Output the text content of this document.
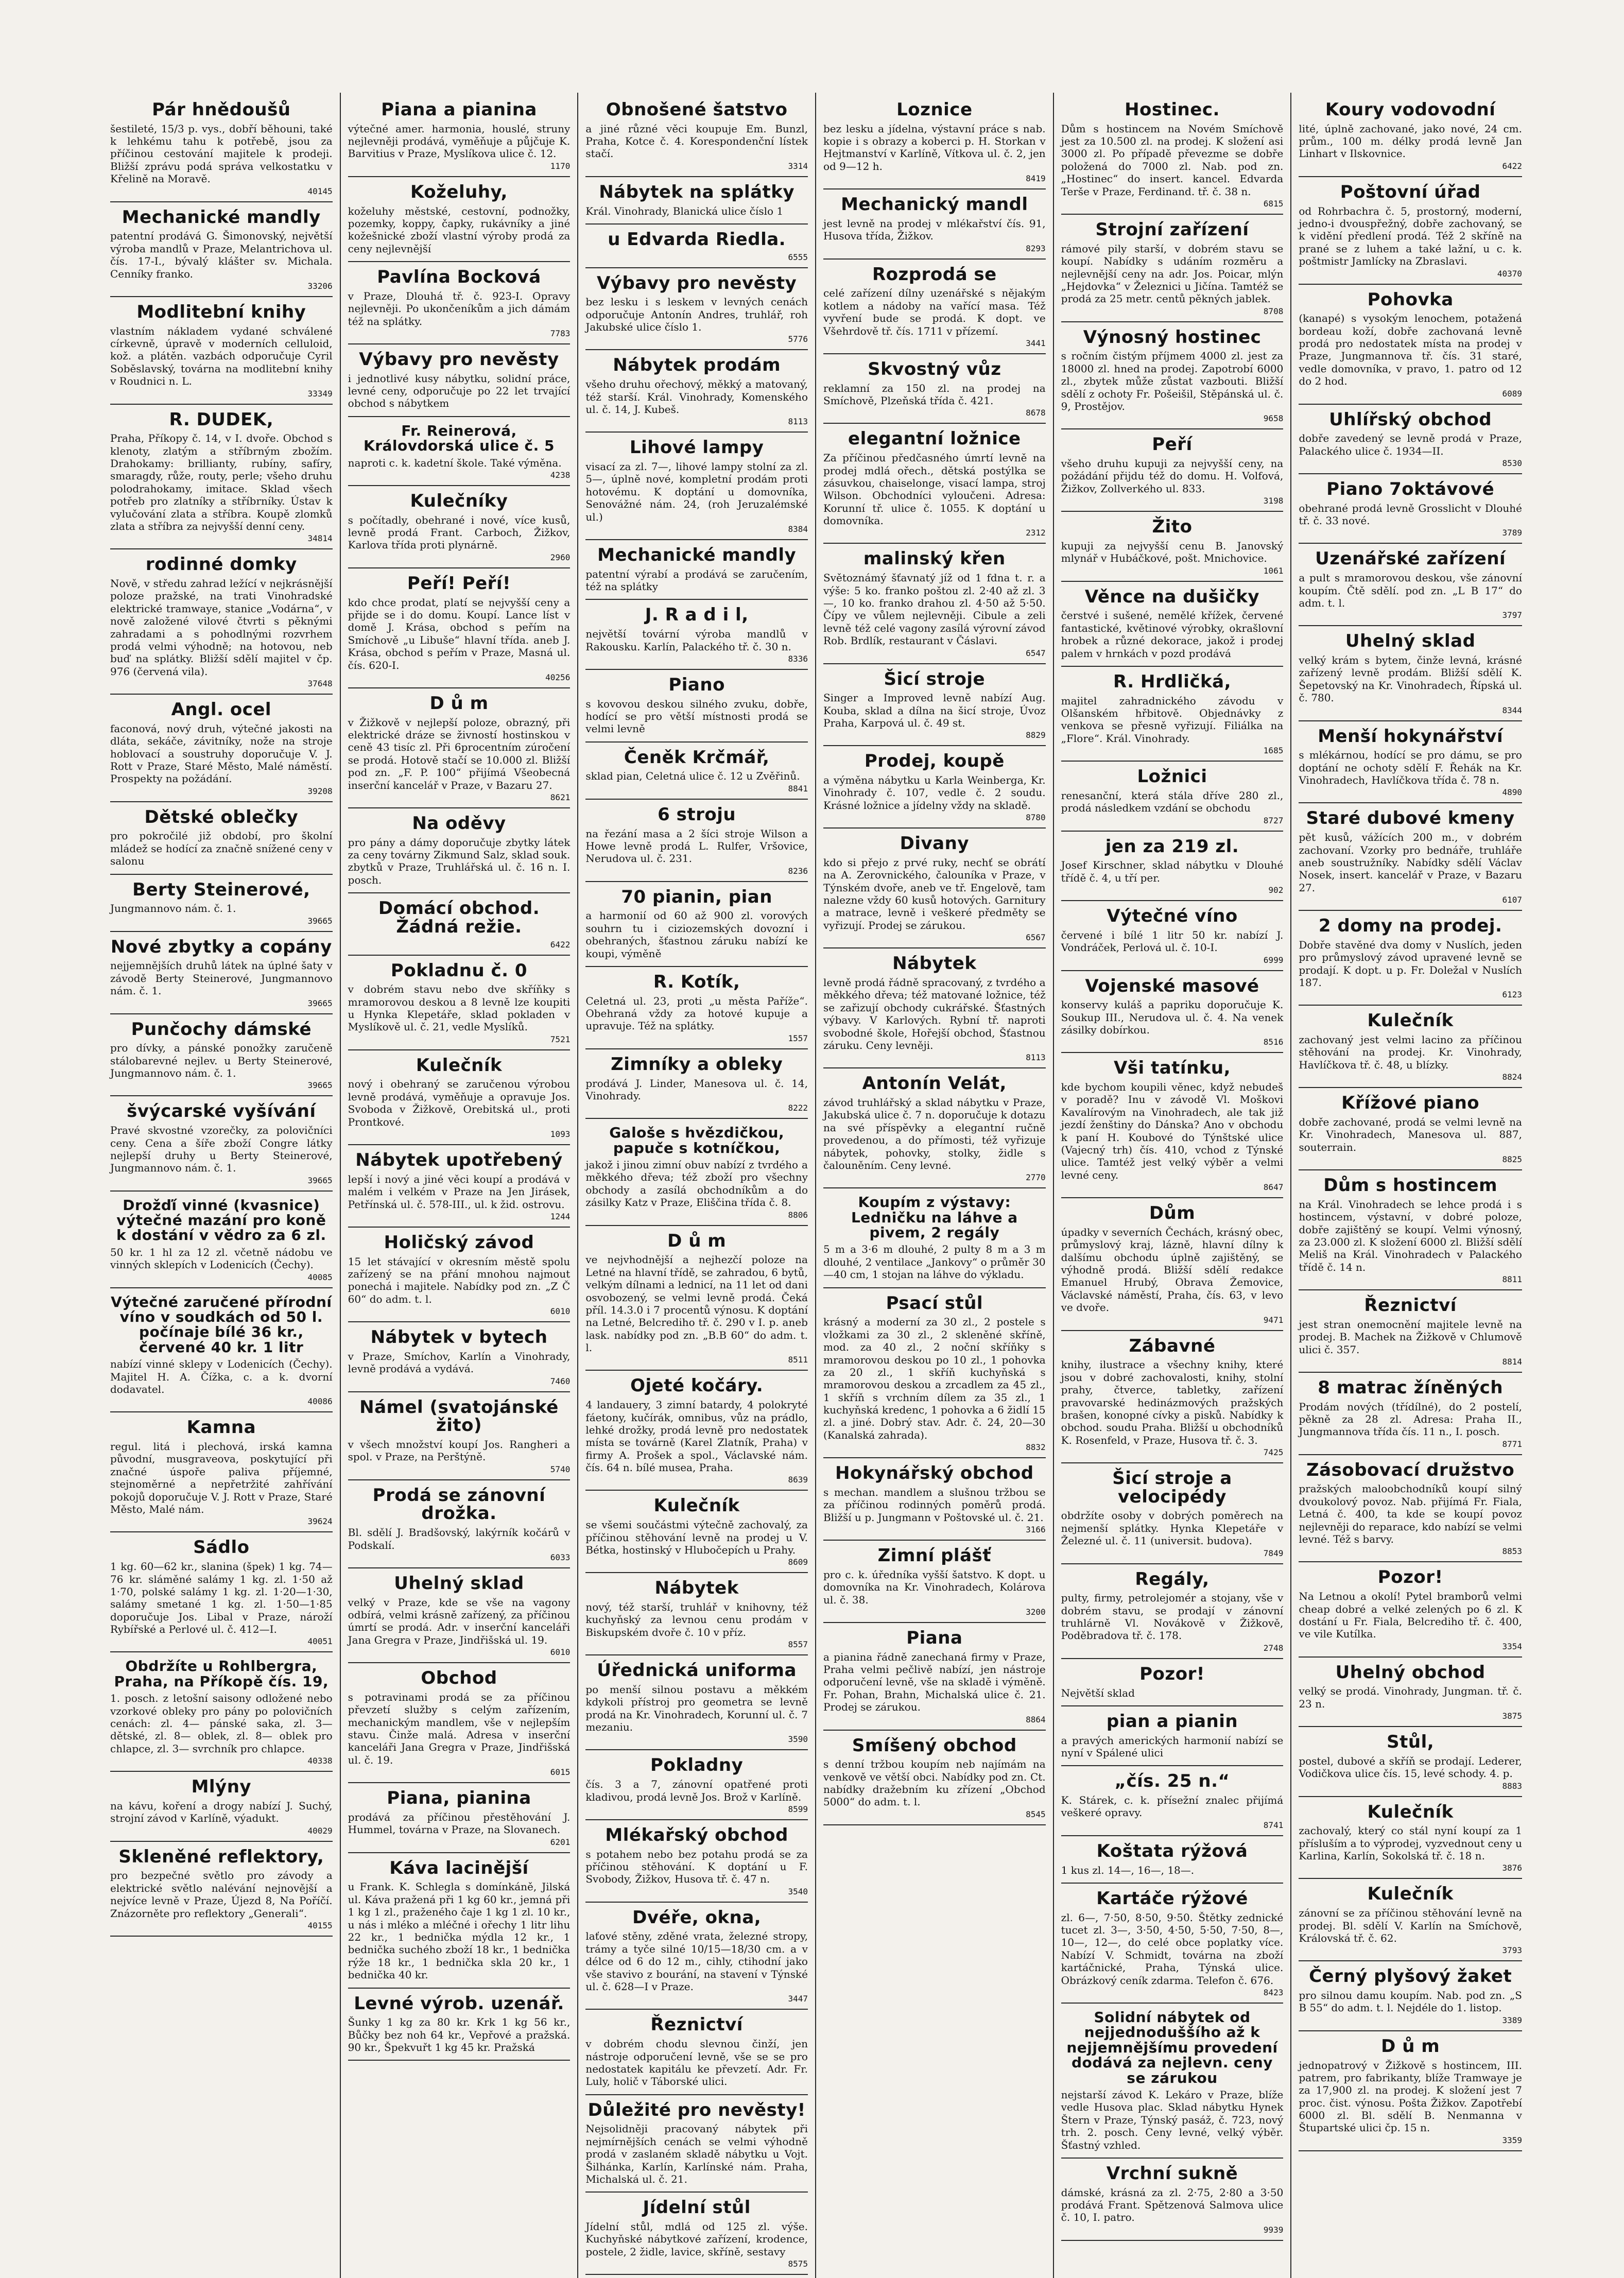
Pár hnědoušů

šestileté, 15/3 p. vys., dobří běhouni, také k lehkému tahu k potřebě, jsou za příčinou cestování majitele k prodeji. Bližší zprávu podá správa velkostatku v Křelině na Moravě.

40145
Mechanické mandly

patentní prodává G. Šimonovský, největší výroba mandlů v Praze, Melantrichova ul. čís. 17-I., bývalý klášter sv. Michala. Cenníky franko.

33206
Modlitební knihy

vlastním nákladem vydané schválené církevně, úpravě v moderních celluloid, kož. a plátěn. vazbách odporučuje Cyril Soběslavský, továrna na modlitební knihy v Roudnici n. L.

33349
R. DUDEK,

Praha, Příkopy č. 14, v I. dvoře. Obchod s klenoty, zlatým a stříbrným zbožím. Drahokamy: brillianty, rubíny, safíry, smaragdy, růže, routy, perle; všeho druhu polodrahokamy, imitace. Sklad všech potřeb pro zlatníky a stříbrníky. Ústav k vylučování zlata a stříbra. Koupě zlomků zlata a stříbra za nejvyšší denní ceny.

34814
rodinné domky

Nově, v středu zahrad ležící v nejkrásnější poloze pražské, na trati Vinohradské elektrické tramwaye, stanice „Vodárna“, v nově založené vilové čtvrti s pěknými zahradami a s pohodlnými rozvrhem prodá velmi výhodně; na hotovou, neb buď na splátky. Bližší sdělí majitel v čp. 976 (červená vila).

37648
Angl. ocel

faconová, nový druh, výtečné jakosti na dláta, sekáče, závitníky, nože na stroje hoblovací a soustruhy doporučuje V. J. Rott v Praze, Staré Město, Malé náměstí. Prospekty na požádání.

39208
Dětské oblečky

pro pokročilé již období, pro školní mládež se hodící za značně snížené ceny v salonu

Berty Steinerové,

Jungmannovo nám. č. 1.

39665
Nové zbytky a copány

nejjemnějších druhů látek na úplné šaty v závodě Berty Steinerové, Jungmannovo nám. č. 1.

39665
Punčochy dámské

pro dívky, a pánské ponožky zaručeně stálobarevné nejlev. u Berty Steinerové, Jungmannovo nám. č. 1.

39665
švýcarské vyšívání

Pravé skvostné vzorečky, za polovičníci ceny. Cena a šíře zboží Congre látky nejlepší druhy u Berty Steinerové, Jungmannovo nám. č. 1.

39665
Drožďí vinné (kvasnice) výtečné mazání pro koně k dostání v vědro za 6 zl.

50 kr. 1 hl za 12 zl. včetně nádobu ve vinných sklepích v Lodenicích (Čechy).

40085
Výtečné zaručené přírodní víno v soudkách od 50 l. počínaje bílé 36 kr., červené 40 kr. 1 litr

nabízí vinné sklepy v Lodenicích (Čechy). Majitel H. A. Čížka, c. a k. dvorní dodavatel.

40086
Kamna

regul. litá i plechová, irská kamna původní, musgraveova, poskytující při značné úspoře paliva příjemné, stejnoměrné a nepřetržité zahřívání pokojů doporučuje V. J. Rott v Praze, Staré Město, Malé nám.

39624
Sádlo

1 kg. 60—62 kr., slanina (špek) 1 kg. 74—76 kr. sláměné salámy 1 kg. zl. 1·50 až 1·70, polské salámy 1 kg. zl. 1·20—1·30, salámy smetané 1 kg. zl. 1·50—1·85 doporučuje Jos. Libal v Praze, nároží Rybířské a Perlové ul. č. 412—I.

40051
Obdržíte u Rohlbergra, Praha, na Příkopě čís. 19,

1. posch. z letošní saisony odložené nebo vzorkové obleky pro pány po polovičních cenách: zl. 4— pánské saka, zl. 3— dětské, zl. 8— oblek, zl. 8— oblek pro chlapce, zl. 3— svrchník pro chlapce.

40338
Mlýny

na kávu, koření a drogy nabízí J. Suchý, strojní závod v Karlíně, výadukt.

40029
Skleněné reflektory,

pro bezpečné světlo pro závody a elektrické světlo nalévání nejnovější a nejvíce levně v Praze, Újezd 8, Na Poříčí. Znázorněte pro reflektory „Generali“.

40155
Piana a pianina

výtečné amer. harmonia, houslé, struny nejlevněji prodává, vyměňuje a půjčuje K. Barvitius v Praze, Myslíkova ulice č. 12.

1170
Koželuhy,

koželuhy městské, cestovní, podnožky, pozemky, koppy, čapky, rukávníky a jiné kožešnické zboží vlastní výroby prodá za ceny nejlevnější

Pavlína Bocková

v Praze, Dlouhá tř. č. 923-I. Opravy nejlevněji. Po ukončeníkům a jich dámám též na splátky.

7783
Výbavy pro nevěsty

i jednotlivé kusy nábytku, solidní práce, levné ceny, odporučuje po 22 let trvající obchod s nábytkem

Fr. Reinerová, Královdorská ulice č. 5

naproti c. k. kadetní škole. Také výměna.

4238
Kulečníky

s počítadly, obehrané i nové, více kusů, levně prodá Frant. Carboch, Žižkov, Karlova třída proti plynárně.

2960
Peří! Peří!

kdo chce prodat, platí se nejvyšší ceny a přijde se i do domu. Koupí. Lance líst v domě J. Krása, obchod s peřím na Smíchově „u Libuše“ hlavní třída. aneb J. Krása, obchod s peřím v Praze, Masná ul. čís. 620-I.

40256
D ů m

v Žižkově v nejlepší poloze, obrazný, při elektrické dráze se živností hostinskou v ceně 43 tisíc zl. Při 6procentním zúročení se prodá. Hotově stačí se 10.000 zl. Bližší pod zn. „F. P. 100“ přijímá Všeobecná inserční kancelář v Praze, v Bazaru 27.

8621
Na oděvy

pro pány a dámy doporučuje zbytky látek za ceny továrny Zikmund Salz, sklad souk. zbytků v Praze, Truhlářská ul. č. 16 n. I. posch.

Domácí obchod. Žádná režie.

6422
Pokladnu č. 0

v dobrém stavu nebo dve skříňky s mramorovou deskou a 8 levně lze koupiti u Hynka Klepetáře, sklad pokladen v Myslíkově ul. č. 21, vedle Myslíků.

7521
Kulečník

nový i obehraný se zaručenou výrobou levně prodává, vyměňuje a opravuje Jos. Svoboda v Žižkově, Orebitská ul., proti Prontkové.

1093
Nábytek upotřebený

lepší i nový a jiné věci koupí a prodává v malém i velkém v Praze na Jen Jirásek, Petřínská ul. č. 578-III., ul. k žid. ostrovu.

1244
Holičský závod

15 let stávající v okresním městě spolu zařízený se na přání mnohou najmout ponechá i majitele. Nabídky pod zn. „Z Č 60“ do adm. t. l.

6010
Nábytek v bytech

v Praze, Smíchov, Karlín a Vinohrady, levně prodává a vydává.

7460
Námel (svatojánské žito)

v všech množství koupí Jos. Rangheri a spol. v Praze, na Perštýně.

5740
Prodá se zánovní drožka.

Bl. sdělí J. Bradšovský, lakýrník kočárů v Podskalí.

6033
Uhelný sklad

velký v Praze, kde se vše na vagony odbírá, velmi krásně zařízený, za příčinou úmrtí se prodá. Adr. v inserční kanceláři Jana Gregra v Praze, Jindřišská ul. 19.

6010
Obchod

s potravinami prodá se za příčinou převzetí služby s celým zařízením, mechanickým mandlem, vše v nejlepším stavu. Činže malá. Adresa v inserční kanceláři Jana Gregra v Praze, Jindřišská ul. č. 19.

6015
Piana, pianina

prodává za příčinou přestěhování J. Hummel, továrna v Praze, na Slovanech.

6201
Káva lacinější

u Frank. K. Schlegla s domínkáně, Jilská ul. Káva pražená při 1 kg 60 kr., jemná při 1 kg 1 zl., praženého čaje 1 kg 1 zl. 10 kr., u nás i mléko a mléčné i ořechy 1 litr lihu 22 kr., 1 bednička mýdla 12 kr., 1 bednička suchého zboží 18 kr., 1 bednička rýže 18 kr., 1 bednička skla 20 kr., 1 bednička 40 kr.

Levné výrob. uzenář.

Šunky 1 kg za 80 kr. Krk 1 kg 56 kr., Bůčky bez noh 64 kr., Vepřové a pražská. 90 kr., Špekvuřt 1 kg 45 kr. Pražská

Obnošené šatstvo

a jiné různé věci koupuje Em. Bunzl, Praha, Kotce č. 4. Korespondenční lístek stačí.

3314
Nábytek na splátky

Král. Vinohrady, Blanická ulice číslo 1

u Edvarda Riedla.

6555
Výbavy pro nevěsty

bez lesku i s leskem v levných cenách odporučuje Antonín Andres, truhlář, roh Jakubské ulice číslo 1.

5776
Nábytek prodám

všeho druhu ořechový, měkký a matovaný, též starší. Král. Vinohrady, Komenského ul. č. 14, J. Kubeš.

8113
Lihové lampy

visací za zl. 7—, lihové lampy stolní za zl. 5—, úplně nové, kompletní prodám proti hotovému. K doptání u domovníka, Senovážné nám. 24, (roh Jeruzalémské ul.)

8384
Mechanické mandly

patentní výrabí a prodává se zaručením, též na splátky

J. R a d i l,

největší tovární výroba mandlů v Rakousku. Karlín, Palackého tř. č. 30 n.

8336
Piano

s kovovou deskou silného zvuku, dobře, hodící se pro větší místnosti prodá se velmi levně

Čeněk Krčmář,

sklad pian, Celetná ulice č. 12 u Zvěřinů.

8841
6 stroju

na řezání masa a 2 šíci stroje Wilson a Howe levně prodá L. Rulfer, Vršovice, Nerudova ul. č. 231.

8236
70 pianin, pian

a harmonií od 60 až 900 zl. vorových souhrn tu i ciziozemských dovozní i obehraných, šťastnou záruku nabízí ke koupi, výměně

R. Kotík,

Celetná ul. 23, proti „u města Paříže“. Obehraná vždy za hotové kupuje a upravuje. Též na splátky.

1557
Zimníky a obleky

prodává J. Linder, Manesova ul. č. 14, Vinohrady.

8222
Galoše s hvězdičkou, papuče s kotníčkou,

jakož i jinou zimní obuv nabízí z tvrdého a měkkého dřeva; též zboží pro všechny obchody a zasílá obchodníkům a do zásilky Katz v Praze, Eliščina třída č. 8.

8806
D ů m

ve nejvhodnější a nejhezčí poloze na Letné na hlavní třídě, se zahradou, 6 bytů, velkým dílnami a lednicí, na 11 let od dani osvobozený, se velmi levně prodá. Čeká příl. 14.3.0 i 7 procentů výnosu. K doptání na Letné, Belcrediho tř. č. 290 v I. p. aneb lask. nabídky pod zn. „B.B 60“ do adm. t. l.

8511
Ojeté kočáry.

4 landauery, 3 zimní batardy, 4 polokryté fáetony, kučírák, omnibus, vůz na prádlo, lehké drožky, prodá levně pro nedostatek místa se továrně (Karel Zlatník, Praha) v firmy A. Prošek a spol., Václavské nám. čís. 64 n. bílé musea, Praha.

8639
Kulečník

se všemi součástmi výtečně zachovalý, za příčinou stěhování levně na prodej u V. Bétka, hostinský v Hlubočepích u Prahy.

8609
Nábytek

nový, též starší, truhlář v knihovny, též kuchyňský za levnou cenu prodám v Biskupském dvoře č. 10 v příz.

8557
Úřednická uniforma

po menší silnou postavu a měkkém kdykoli přístroj pro geometra se levně prodá na Kr. Vinohradech, Korunní ul. č. 7 mezaniu.

3590
Pokladny

čís. 3 a 7, zánovní opatřené proti kladivou, prodá levně Jos. Brož v Karlíně.

8599
Mlékařský obchod

s potahem nebo bez potahu prodá se za příčinou stěhování. K doptání u F. Svobody, Žižkov, Husova tř. č. 47 n.

3540
Dvéře, okna,

laťové stěny, zděné vrata, železné stropy, trámy a tyče silné 10/15—18/30 cm. a v délce od 6 do 12 m., cihly, ctihodní jako vše stavivo z bourání, na stavení v Týnské ul. č. 628—I v Praze.

3447
Řeznictví

v dobrém chodu slevnou činží, jen nástroje odporučení levně, vše se se pro nedostatek kapitálu ke převzetí. Adr. Fr. Luly, holič v Táborské ulici.

Důležité pro nevěsty!

Nejsolidněji pracovaný nábytek při nejmírnějších cenách se velmi výhodně prodá v zaslaném skladě nábytku u Vojt. Šilhánka, Karlín, Karlínské nám. Praha, Michalská ul. č. 21.

Jídelní stůl

Jídelní stůl, mdlá od 125 zl. výše. Kuchyňské nábytkové zařízení, krodence, postele, 2 židle, lavice, skříně, sestavy

8575
Loznice

bez lesku a jídelna, výstavní práce s nab. kopie i s obrazy a koberci p. H. Storkan v Hejtmanství v Karlíně, Vítkova ul. č. 2, jen od 9—12 h.

8419
Mechanický mandl

jest levně na prodej v mlékařství čís. 91, Husova třída, Žižkov.

8293
Rozprodá se

celé zařízení dílny uzenářské s nějakým kotlem a nádoby na vařící masa. Též vyvření bude se prodá. K dopt. ve Všehrdově tř. čís. 1711 v přízemí.

3441
Skvostný vůz

reklamní za 150 zl. na prodej na Smíchově, Plzeňská třída č. 421.

8678
elegantní ložnice

Za příčinou předčasného úmrtí levně na prodej mdlá ořech., dětská postýlka se zásuvkou, chaiselonge, visací lampa, stroj Wilson. Obchodníci vyloučeni. Adresa: Korunní tř. ulice č. 1055. K doptání u domovníka.

2312
malinský křen

Světoznámý šťavnatý jíž od 1 fdna t. r. a výše: 5 ko. franko poštou zl. 2·40 až zl. 3—, 10 ko. franko drahou zl. 4·50 až 5·50. Čípy ve vůlem nejlevněji. Cibule a zeli levně též celé vagony zasílá výrovní závod Rob. Brdlík, restaurant v Čáslavi.

6547
Šicí stroje

Singer a Improved levně nabízí Aug. Kouba, sklad a dílna na šicí stroje, Úvoz Praha, Karpová ul. č. 49 st.

8829
Prodej, koupě

a výměna nábytku u Karla Weinberga, Kr. Vinohrady č. 107, vedle č. 2 soudu. Krásné ložnice a jídelny vždy na skladě.

8780
Divany

kdo si přejo z prvé ruky, nechť se obrátí na A. Zerovnického, čalouníka v Praze, v Týnském dvoře, aneb ve tř. Engelově, tam nalezne vždy 60 kusů hotových. Garnitury a matrace, levně i veškeré předměty se vyřizují. Prodej se zárukou.

6567
Nábytek

levně prodá řádně spracovaný, z tvrdého a měkkého dřeva; též matované ložnice, též se zařizují obchody cukrářské. Šťastných výbavy. V Karlových. Rybní tř. naproti svobodné škole, Hořejší obchod, Šťastnou záruku. Ceny levněji.

8113
Antonín Velát,

závod truhlářský a sklad nábytku v Praze, Jakubská ulice č. 7 n. doporučuje k dotazu na své příspěvky a elegantní ručně provedenou, a do přímosti, též vyřizuje nábytek, pohovky, stolky, židle s čalouněním. Ceny levné.

2770
Koupím z výstavy: Ledničku na láhve a pivem, 2 regály

5 m a 3·6 m dlouhé, 2 pulty 8 m a 3 m dlouhé, 2 ventilace „Jankovy“ o průměr 30—40 cm, 1 stojan na láhve do výkladu.

Psací stůl

krásný a moderní za 30 zl., 2 postele s vložkami za 30 zl., 2 skleněné skříně, mod. za 40 zl., 2 noční skříňky s mramorovou deskou po 10 zl., 1 pohovka za 20 zl., 1 skříň kuchyňská s mramorovou deskou a zrcadlem za 45 zl., 1 skříň s vrchním dílem za 35 zl., 1 kuchyňská kredenc, 1 pohovka a 6 židlí 15 zl. a jiné. Dobrý stav. Adr. č. 24, 20—30 (Kanalská zahrada).

8832
Hokynářský obchod

s mechan. mandlem a slušnou tržbou se za příčinou rodinných poměrů prodá. Bližší u p. Jungmann v Poštovské ul. č. 21.

3166
Zimní plášť

pro c. k. úředníka vyšší šatstvo. K dopt. u domovníka na Kr. Vinohradech, Kolárova ul. č. 38.

3200
Piana

a pianina řádně zanechaná firmy v Praze, Praha velmi pečlivě nabízí, jen nástroje odporučení levně, vše na skladě i výměně. Fr. Pohan, Brahn, Michalská ulice č. 21. Prodej se zárukou.

8864
Smíšený obchod

s denní tržbou koupím neb najímám na venkově ve větší obci. Nabídky pod zn. Ct. nabídky dražebním ku zřízení „Obchod 5000“ do adm. t. l.

8545
Hostinec.

Dům s hostincem na Novém Smíchově jest za 10.500 zl. na prodej. K složení asi 3000 zl. Po případě převezme se dobře položená do 7000 zl. Nab. pod zn. „Hostinec“ do insert. kancel. Edvarda Terše v Praze, Ferdinand. tř. č. 38 n.

6815
Strojní zařízení

rámové pily starší, v dobrém stavu se koupí. Nabídky s udáním rozměru a nejlevnější ceny na adr. Jos. Poicar, mlýn „Hejdovka“ v Železnici u Jičína. Tamtéž se prodá za 25 metr. centů pěkných jablek.

8708
Výnosný hostinec

s ročním čistým příjmem 4000 zl. jest za 18000 zl. hned na prodej. Zapotrobí 6000 zl., zbytek může zůstat vazbouti. Bližší sdělí z ochoty Fr. Pošeišil, Stěpánská ul. č. 9, Prostějov.

9658
Peří

všeho druhu kupuji za nejvyšší ceny, na požádání přijdu též do domu. H. Volfová, Žižkov, Zollverkého ul. 833.

3198
Žito

kupuji za nejvyšší cenu B. Janovský mlynář v Hubáčkové, pošt. Mnichovice.

1061
Věnce na dušičky

čerstvé i sušené, nemělé křížek, červené fantastické, květinové výrobky, okrašlovní hrobek a různé dekorace, jakož i prodej palem v hrnkách v pozd prodává

R. Hrdličká,

majitel zahradnického závodu v Olšanském hřbitově. Objednávky z venkova se přesně vyřizují. Filiálka na „Flore“. Král. Vinohrady.

1685
Ložnici

renesanční, která stála dříve 280 zl., prodá následkem vzdání se obchodu

8727
jen za 219 zl.

Josef Kirschner, sklad nábytku v Dlouhé třídě č. 4, u tří per.

902
Výtečné víno

červené i bílé 1 litr 50 kr. nabízí J. Vondráček, Perlová ul. č. 10-I.

6999
Vojenské masové

konservy kuláš a papriku doporučuje K. Soukup III., Nerudova ul. č. 4. Na venek zásilky dobírkou.

8516
Vši tatínku,

kde bychom koupili věnec, když nebudeš v poradě? Inu v závodě Vl. Moškovi Kavalírovým na Vinohradech, ale tak již jezdí ženštiny do Dánska? Ano v obchodu k paní H. Koubové do Týnštské ulice (Vajecný trh) čís. 410, vchod z Týnské ulice. Tamtéž jest velký výběr a velmi levné ceny.

8647
Dům

úpadky v severních Čechách, krásný obec, průmyslový kraj, lázně, hlavní dílny k dalšímu obchodu úplně zajištěný, se výhodně prodá. Bližší sdělí redakce Emanuel Hrubý, Obrava Žemovice, Václavské náměstí, Praha, čís. 63, v levo ve dvoře.

9471
Zábavné

knihy, ilustrace a všechny knihy, které jsou v dobré zachovalosti, knihy, stolní prahy, čtverce, tabletky, zařízení pravovarské hedinázmových pražských brašen, konopné cívky a pisků. Nabídky k obchod. soudu Praha. Bližší u obchodníků K. Rosenfeld, v Praze, Husova tř. č. 3.

7425
Šicí stroje a velocipédy

obdržíte osoby v dobrých poměrech na nejmenší splátky. Hynka Klepetáře v Železné ul. č. 11 (universit. budova).

7849
Regály,

pulty, firmy, petrolejomér a stojany, vše v dobrém stavu, se prodají v zánovní truhlárně Vl. Novákově v Žižkově, Poděbradova tř. č. 178.

2748
Pozor!

Největší sklad

pian a pianin

a pravých amerických harmonií nabízí se nyní v Spálené ulici

„čís. 25 n.“

K. Stárek, c. k. přísežní znalec přijímá veškeré opravy.

8741
Koštata rýžová

1 kus zl. 14—, 16—, 18—.

Kartáče rýžové

zl. 6—, 7·50, 8·50, 9·50. Štětky zednické tucet zl. 3—, 3·50, 4·50, 5·50, 7·50, 8—, 10—, 12—, do celé obce poplatky více. Nabízí V. Schmidt, továrna na zboží kartáčnické, Praha, Týnská ulice. Obrázkový ceník zdarma. Telefon č. 676.

8423
Solidní nábytek od nejjednoduššího až k nejjemnějšímu provedení dodává za nejlevn. ceny se zárukou

nejstarší závod K. Lekáro v Praze, blíže vedle Husova plac. Sklad nábytku Hynek Štern v Praze, Týnský pasáž, č. 723, nový trh. 2. posch. Ceny levné, velký výběr. Šťastný vzhled.

Vrchní sukně

dámské, krásná za zl. 2·75, 2·80 a 3·50 prodává Frant. Spětzenová Salmova ulice č. 10, I. patro.

9939
Koury vodovodní

lité, úplně zachované, jako nové, 24 cm. prům., 100 m. délky prodá levně Jan Linhart v Ilskovnice.

6422
Poštovní úřad

od Rohrbachra č. 5, prostorný, moderní, jedno-i dvouspřežný, dobře zachovaný, se k vidění předlení prodá. Též 2 skříně na prané se z luhem a také lažní, u c. k. poštmistr Jamlícky na Zbraslavi.

40370
Pohovka

(kanapé) s vysokým lenochem, potažená bordeau koží, dobře zachovaná levně prodá pro nedostatek místa na prodej v Praze, Jungmannova tř. čís. 31 staré, vedle domovníka, v pravo, 1. patro od 12 do 2 hod.

6089
Uhlířský obchod

dobře zavedený se levně prodá v Praze, Palackého ulice č. 1934—II.

8530
Piano 7oktávové

obehrané prodá levně Grosslicht v Dlouhé tř. č. 33 nové.

3789
Uzenářské zařízení

a pult s mramorovou deskou, vše zánovní koupím. Čtě sdělí. pod zn. „L B 17“ do adm. t. l.

3797
Uhelný sklad

velký krám s bytem, činže levná, krásné zařízený levně prodám. Bližší sdělí K. Šepetovský na Kr. Vinohradech, Řípská ul. č. 780.

8344
Menší hokynářství

s mlékárnou, hodící se pro dámu, se pro doptání ne ochoty sdělí F. Řehák na Kr. Vinohradech, Havlíčkova třída č. 78 n.

4890
Staré dubové kmeny

pět kusů, vážících 200 m., v dobrém zachovaní. Vzorky pro bednáře, truhláře aneb soustružníky. Nabídky sdělí Václav Nosek, insert. kancelář v Praze, v Bazaru 27.

6107
2 domy na prodej.

Dobře stavěné dva domy v Nuslích, jeden pro průmyslový závod upravené levně se prodají. K dopt. u p. Fr. Doležal v Nuslích 187.

6123
Kulečník

zachovaný jest velmi lacino za příčinou stěhování na prodej. Kr. Vinohrady, Havlíčkova tř. č. 48, u blízky.

8824
Křížové piano

dobře zachované, prodá se velmi levně na Kr. Vinohradech, Manesova ul. 887, souterrain.

8825
Dům s hostincem

na Král. Vinohradech se lehce prodá i s hostincem, výstavní, v dobré poloze, dobře zajištěný se koupí. Velmi výnosný, za 23.000 zl. K složení 6000 zl. Bližší sdělí Meliš na Král. Vinohradech v Palackého třídě č. 14 n.

8811
Řeznictví

jest stran onemocnění majitele levně na prodej. B. Machek na Žižkově v Chlumově ulici č. 357.

8814
8 matrac žíněných

Prodám nových (třídílné), do 2 postelí, pěkně za 28 zl. Adresa: Praha II., Jungmannova třída čís. 11 n., I. posch.

8771
Zásobovací družstvo

pražských maloobchodníků koupí silný dvoukolový povoz. Nab. přijímá Fr. Fiala, Letná č. 400, ta kde se koupí povoz nejlevněji do reparace, kdo nabízí se velmi levné. Též s barvy.

8853
Pozor!

Na Letnou a okolí! Pytel bramborů velmi cheap dobré a velké zelených po 6 zl. K dostání u Fr. Fiala, Belcrediho tř. č. 400, ve vile Kutílka.

3354
Uhelný obchod

velký se prodá. Vinohrady, Jungman. tř. č. 23 n.

3875
Stůl,

postel, dubové a skříň se prodají. Lederer, Vodičkova ulice čís. 15, levé schody. 4. p.

8883
Kulečník

zachovalý, který co stál nyní koupí za 1 přísluším a to výprodej, vyzvednout ceny u Karlina, Karlín, Sokolská tř. č. 18 n.

3876
Kulečník

zánovní se za příčinou stěhování levně na prodej. Bl. sdělí V. Karlín na Smíchově, Královská tř. č. 62.

3793
Černý plyšový žaket

pro silnou damu koupím. Nab. pod zn. „S B 55“ do adm. t. l. Nejdéle do 1. listop.

3389
D ů m

jednopatrový v Žižkově s hostincem, III. patrem, pro fabrikanty, blíže Tramwaye je za 17,900 zl. na prodej. K složení jest 7 proc. čist. výnosu. Pošta Žižkov. Zapotřebí 6000 zl. Bl. sdělí B. Nenmanna v Štupartské ulici čp. 15 n.

3359
